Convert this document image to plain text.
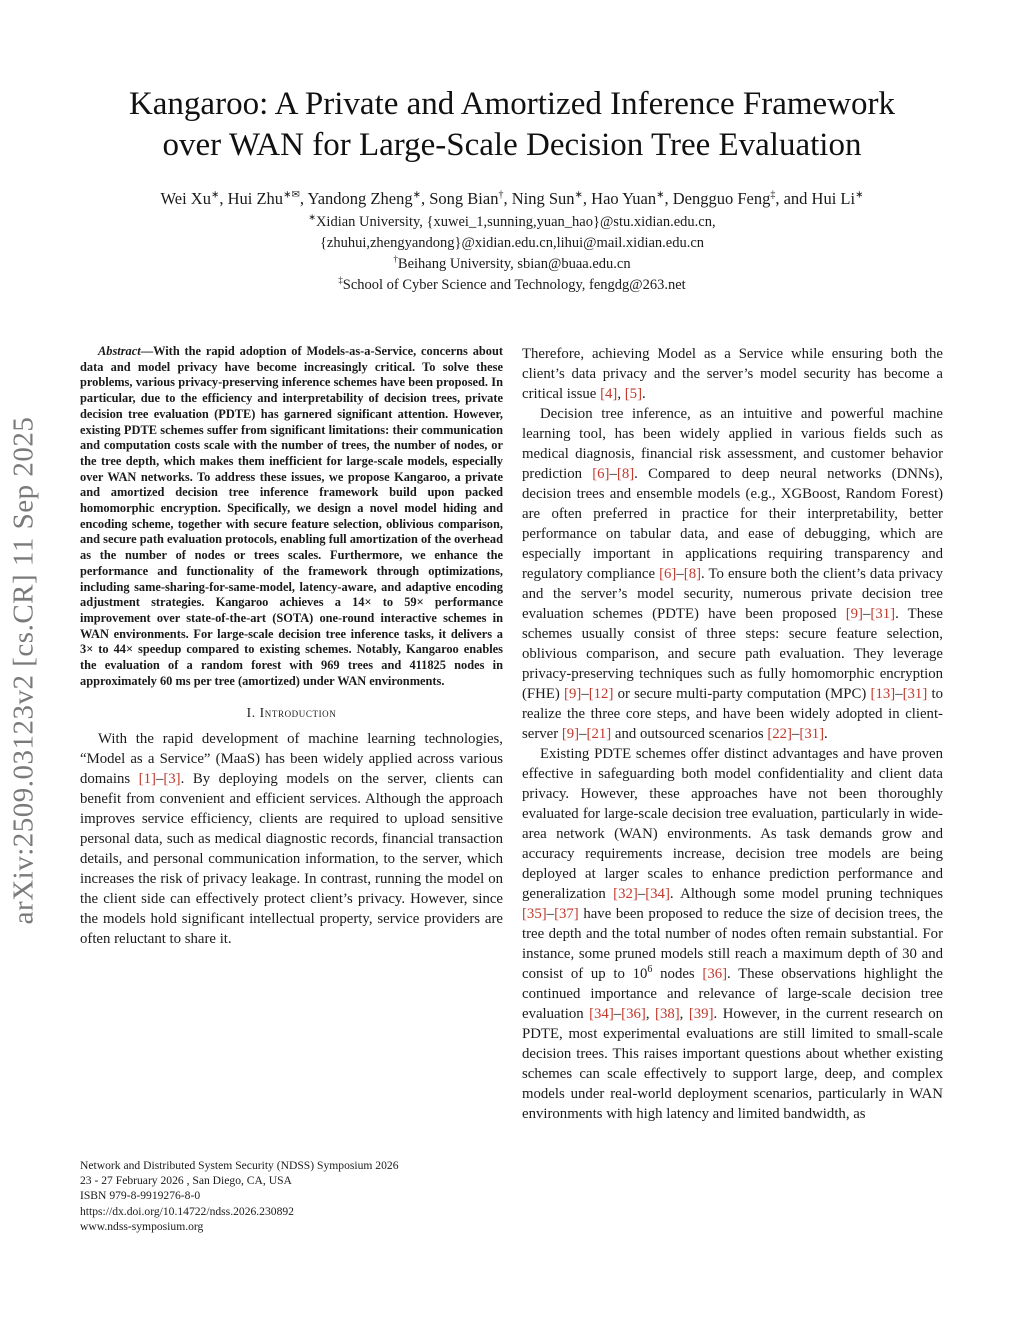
arXiv:2509.03123v2 [cs.CR] 11 Sep 2025
Kangaroo: A Private and Amortized Inference Framework
over WAN for Large-Scale Decision Tree Evaluation
Wei Xu∗, Hui Zhu∗✉, Yandong Zheng∗, Song Bian†, Ning Sun∗, Hao Yuan∗, Dengguo Feng‡, and Hui Li∗
∗Xidian University, {xuwei_1,sunning,yuan_hao}@stu.xidian.edu.cn,
{zhuhui,zhengyandong}@xidian.edu.cn,lihui@mail.xidian.edu.cn
†Beihang University, sbian@buaa.edu.cn
‡School of Cyber Science and Technology, fengdg@263.net

Abstract—With the rapid adoption of Models-as-a-Service, concerns about data and model privacy have become increasingly critical. To solve these problems, various privacy-preserving inference schemes have been proposed. In particular, due to the efficiency and interpretability of decision trees, private decision tree evaluation (PDTE) has garnered significant attention. However, existing PDTE schemes suffer from significant limitations: their communication and computation costs scale with the number of trees, the number of nodes, or the tree depth, which makes them inefficient for large-scale models, especially over WAN networks. To address these issues, we propose Kangaroo, a private and amortized decision tree inference framework build upon packed homomorphic encryption. Specifically, we design a novel model hiding and encoding scheme, together with secure feature selection, oblivious comparison, and secure path evaluation protocols, enabling full amortization of the overhead as the number of nodes or trees scales. Furthermore, we enhance the performance and functionality of the framework through optimizations, including same-sharing-for-same-model, latency-aware, and adaptive encoding adjustment strategies. Kangaroo achieves a 14× to 59× performance improvement over state-of-the-art (SOTA) one-round interactive schemes in WAN environments. For large-scale decision tree inference tasks, it delivers a 3× to 44× speedup compared to existing schemes. Notably, Kangaroo enables the evaluation of a random forest with 969 trees and 411825 nodes in approximately 60 ms per tree (amortized) under WAN environments.

I. Introduction

With the rapid development of machine learning technologies, “Model as a Service” (MaaS) has been widely applied across various domains [1]–[3]. By deploying models on the server, clients can benefit from convenient and efficient services. Although the approach improves service efficiency, clients are required to upload sensitive personal data, such as medical diagnostic records, financial transaction details, and personal communication information, to the server, which increases the risk of privacy leakage. In contrast, running the model on the client side can effectively protect client’s privacy. However, since the models hold significant intellectual property, service providers are often reluctant to share it.

Therefore, achieving Model as a Service while ensuring both the client’s data privacy and the server’s model security has become a critical issue [4], [5].

Decision tree inference, as an intuitive and powerful machine learning tool, has been widely applied in various fields such as medical diagnosis, financial risk assessment, and customer behavior prediction [6]–[8]. Compared to deep neural networks (DNNs), decision trees and ensemble models (e.g., XGBoost, Random Forest) are often preferred in practice for their interpretability, better performance on tabular data, and ease of debugging, which are especially important in applications requiring transparency and regulatory compliance [6]–[8]. To ensure both the client’s data privacy and the server’s model security, numerous private decision tree evaluation schemes (PDTE) have been proposed [9]–[31]. These schemes usually consist of three steps: secure feature selection, oblivious comparison, and secure path evaluation. They leverage privacy-preserving techniques such as fully homomorphic encryption (FHE) [9]–[12] or secure multi-party computation (MPC) [13]–[31] to realize the three core steps, and have been widely adopted in client-server [9]–[21] and outsourced scenarios [22]–[31].

Existing PDTE schemes offer distinct advantages and have proven effective in safeguarding both model confidentiality and client data privacy. However, these approaches have not been thoroughly evaluated for large-scale decision tree evaluation, particularly in wide-area network (WAN) environments. As task demands grow and accuracy requirements increase, decision tree models are being deployed at larger scales to enhance prediction performance and generalization [32]–[34]. Although some model pruning techniques [35]–[37] have been proposed to reduce the size of decision trees, the tree depth and the total number of nodes often remain substantial. For instance, some pruned models still reach a maximum depth of 30 and consist of up to $10^6$ nodes [36]. These observations highlight the continued importance and relevance of large-scale decision tree evaluation [34]–[36], [38], [39]. However, in the current research on PDTE, most experimental evaluations are still limited to small-scale decision trees. This raises important questions about whether existing schemes can scale effectively to support large, deep, and complex models under real-world deployment scenarios, particularly in WAN environments with high latency and limited bandwidth, as

Network and Distributed System Security (NDSS) Symposium 2026
23 - 27 February 2026 , San Diego, CA, USA
ISBN 979-8-9919276-8-0
https://dx.doi.org/10.14722/ndss.2026.230892
www.ndss-symposium.org
